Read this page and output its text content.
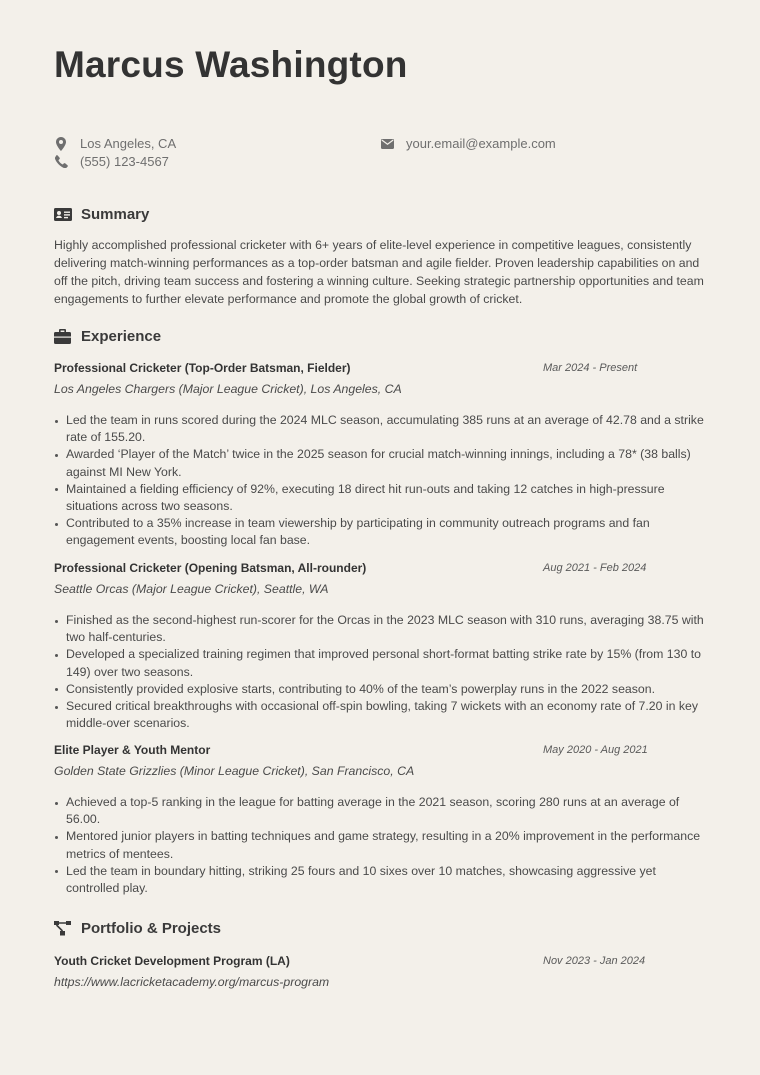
Marcus Washington
Los Angeles, CA
(555) 123-4567
your.email@example.com
Summary
Highly accomplished professional cricketer with 6+ years of elite-level experience in competitive leagues, consistently delivering match-winning performances as a top-order batsman and agile fielder. Proven leadership capabilities on and off the pitch, driving team success and fostering a winning culture. Seeking strategic partnership opportunities and team engagements to further elevate performance and promote the global growth of cricket.
Experience
Professional Cricketer (Top-Order Batsman, Fielder)	Mar 2024 - Present
Los Angeles Chargers (Major League Cricket), Los Angeles, CA
Led the team in runs scored during the 2024 MLC season, accumulating 385 runs at an average of 42.78 and a strike rate of 155.20.
Awarded ‘Player of the Match’ twice in the 2025 season for crucial match-winning innings, including a 78* (38 balls) against MI New York.
Maintained a fielding efficiency of 92%, executing 18 direct hit run-outs and taking 12 catches in high-pressure situations across two seasons.
Contributed to a 35% increase in team viewership by participating in community outreach programs and fan engagement events, boosting local fan base.
Professional Cricketer (Opening Batsman, All-rounder)	Aug 2021 - Feb 2024
Seattle Orcas (Major League Cricket), Seattle, WA
Finished as the second-highest run-scorer for the Orcas in the 2023 MLC season with 310 runs, averaging 38.75 with two half-centuries.
Developed a specialized training regimen that improved personal short-format batting strike rate by 15% (from 130 to 149) over two seasons.
Consistently provided explosive starts, contributing to 40% of the team’s powerplay runs in the 2022 season.
Secured critical breakthroughs with occasional off-spin bowling, taking 7 wickets with an economy rate of 7.20 in key middle-over scenarios.
Elite Player & Youth Mentor	May 2020 - Aug 2021
Golden State Grizzlies (Minor League Cricket), San Francisco, CA
Achieved a top-5 ranking in the league for batting average in the 2021 season, scoring 280 runs at an average of 56.00.
Mentored junior players in batting techniques and game strategy, resulting in a 20% improvement in the performance metrics of mentees.
Led the team in boundary hitting, striking 25 fours and 10 sixes over 10 matches, showcasing aggressive yet controlled play.
Portfolio & Projects
Youth Cricket Development Program (LA)	Nov 2023 - Jan 2024
https://www.lacricketacademy.org/marcus-program
